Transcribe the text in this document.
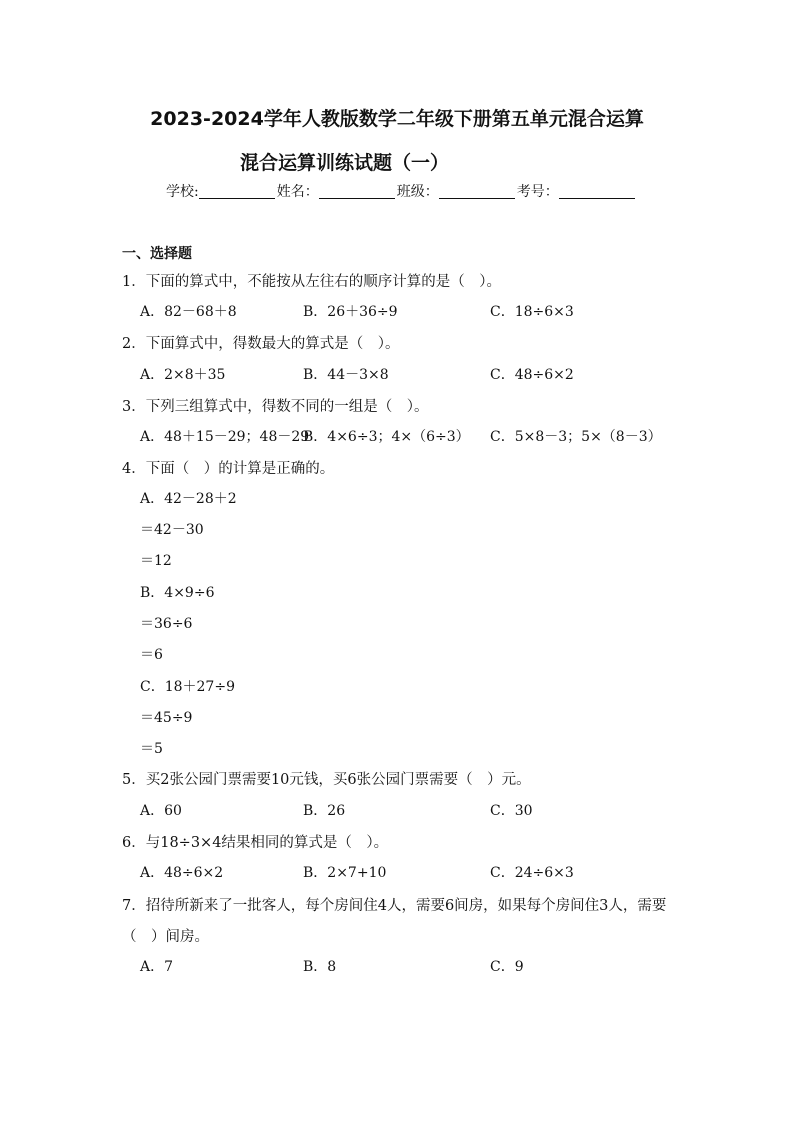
2023-2024学年人教版数学二年级下册第五单元混合运算
混合运算训练试题（一）
学校:	姓名：	班级：	考号：
一、选择题
1．下面的算式中，不能按从左往右的顺序计算的是（　）。
A．82－68＋8	B．26＋36÷9	C．18÷6×3
2．下面算式中，得数最大的算式是（　）。
A．2×8＋35	B．44－3×8	C．48÷6×2
3．下列三组算式中，得数不同的一组是（　）。
A．48＋15－29；48－29
B．4×6÷3；4×（6÷3） C．5×8－3；5×（8－3）
4．下面（　）的计算是正确的。
A．42－28＋2
＝42－30
＝12
B．4×9÷6
＝36÷6
＝6
C．18＋27÷9
＝45÷9
＝5
5．买2张公园门票需要10元钱，买6张公园门票需要（　）元。
A．60	B．26	C．30
6．与18÷3×4结果相同的算式是（　）。
A．48÷6×2	B．2×7+10	C．24÷6×3
7．招待所新来了一批客人，每个房间住4人，需要6间房，如果每个房间住3人，需要
（　）间房。
A．7	B．8	C．9
